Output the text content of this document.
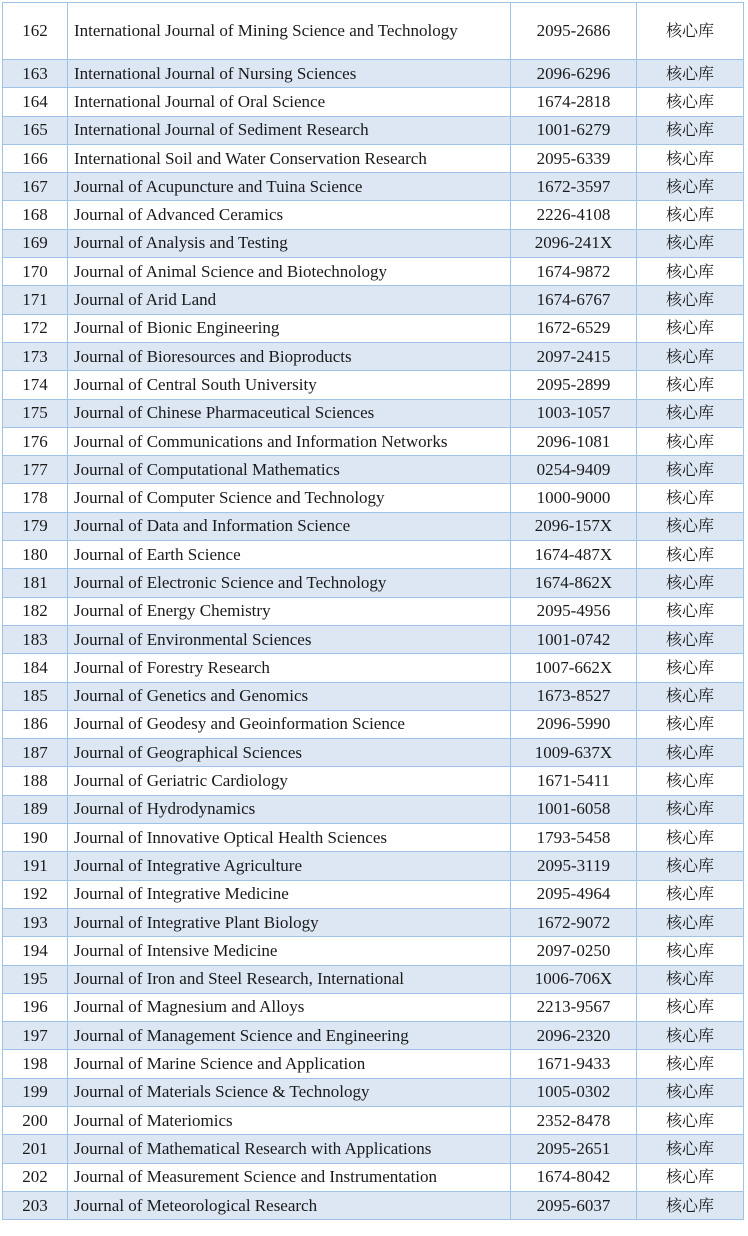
162	International Journal of Mining Science and Technology	2095-2686	核心库
163	International Journal of Nursing Sciences	2096-6296	核心库
164	International Journal of Oral Science	1674-2818	核心库
165	International Journal of Sediment Research	1001-6279	核心库
166	International Soil and Water Conservation Research	2095-6339	核心库
167	Journal of Acupuncture and Tuina Science	1672-3597	核心库
168	Journal of Advanced Ceramics	2226-4108	核心库
169	Journal of Analysis and Testing	2096-241X	核心库
170	Journal of Animal Science and Biotechnology	1674-9872	核心库
171	Journal of Arid Land	1674-6767	核心库
172	Journal of Bionic Engineering	1672-6529	核心库
173	Journal of Bioresources and Bioproducts	2097-2415	核心库
174	Journal of Central South University	2095-2899	核心库
175	Journal of Chinese Pharmaceutical Sciences	1003-1057	核心库
176	Journal of Communications and Information Networks	2096-1081	核心库
177	Journal of Computational Mathematics	0254-9409	核心库
178	Journal of Computer Science and Technology	1000-9000	核心库
179	Journal of Data and Information Science	2096-157X	核心库
180	Journal of Earth Science	1674-487X	核心库
181	Journal of Electronic Science and Technology	1674-862X	核心库
182	Journal of Energy Chemistry	2095-4956	核心库
183	Journal of Environmental Sciences	1001-0742	核心库
184	Journal of Forestry Research	1007-662X	核心库
185	Journal of Genetics and Genomics	1673-8527	核心库
186	Journal of Geodesy and Geoinformation Science	2096-5990	核心库
187	Journal of Geographical Sciences	1009-637X	核心库
188	Journal of Geriatric Cardiology	1671-5411	核心库
189	Journal of Hydrodynamics	1001-6058	核心库
190	Journal of Innovative Optical Health Sciences	1793-5458	核心库
191	Journal of Integrative Agriculture	2095-3119	核心库
192	Journal of Integrative Medicine	2095-4964	核心库
193	Journal of Integrative Plant Biology	1672-9072	核心库
194	Journal of Intensive Medicine	2097-0250	核心库
195	Journal of Iron and Steel Research, International	1006-706X	核心库
196	Journal of Magnesium and Alloys	2213-9567	核心库
197	Journal of Management Science and Engineering	2096-2320	核心库
198	Journal of Marine Science and Application	1671-9433	核心库
199	Journal of Materials Science & Technology	1005-0302	核心库
200	Journal of Materiomics	2352-8478	核心库
201	Journal of Mathematical Research with Applications	2095-2651	核心库
202	Journal of Measurement Science and Instrumentation	1674-8042	核心库
203	Journal of Meteorological Research	2095-6037	核心库
